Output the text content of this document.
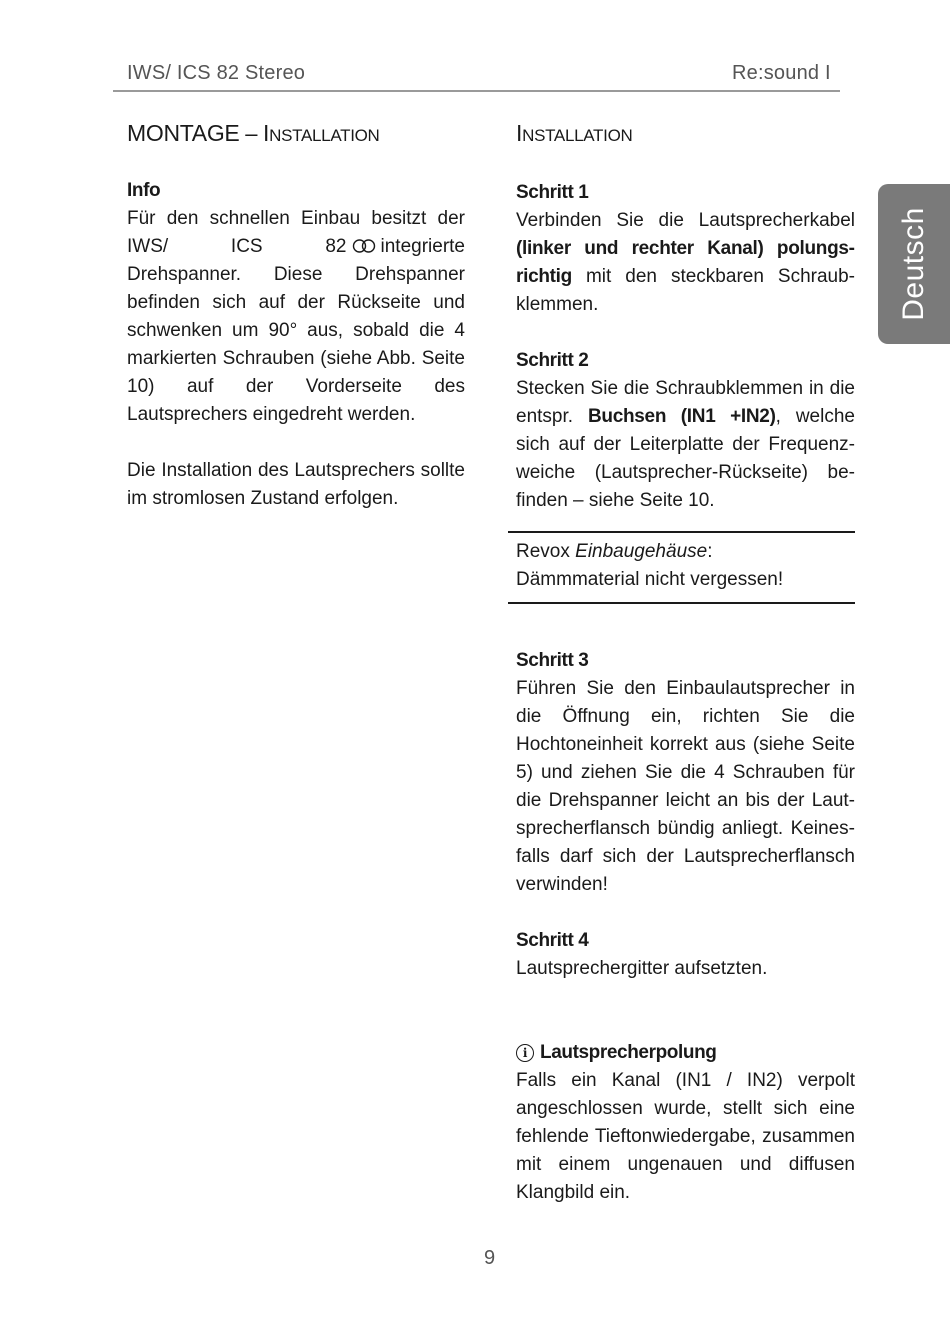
IWS/ ICS 82 Stereo	Re:sound I
MONTAGE – INSTALLATION
Info

Für den schnellen Einbau besitzt der IWS/ ICS 82 integrierte Drehspanner. Diese Drehspanner befinden sich auf der Rückseite und schwenken um 90° aus, sobald die 4 markierten Schrauben (siehe Abb. Seite 10) auf der Vorderseite des Lautsprechers eingedreht werden.

Die Installation des Lautsprechers sollte im stromlosen Zustand erfolgen.

INSTALLATION
Schritt 1

Verbinden Sie die Lautsprecherkabel (linker und rechter Kanal) polungsrichtig mit den steckbaren Schraubklemmen.

Schritt 2

Stecken Sie die Schraubklemmen in die entspr. Buchsen (IN1 +IN2), welche sich auf der Leiterplatte der Frequenzweiche (Lautsprecher-Rückseite) befinden – siehe Seite 10.

Revox Einbaugehäuse:
Dämmmaterial nicht vergessen!
Schritt 3

Führen Sie den Einbaulautsprecher in die Öffnung ein, richten Sie die Hochtoneinheit korrekt aus (siehe Seite 5) und ziehen Sie die 4 Schrauben für die Drehspanner leicht an bis der Lautsprecherflansch bündig anliegt. Keinesfalls darf sich der Lautsprecherflansch verwinden!

Schritt 4

Lautsprechergitter aufsetzten.

i Lautsprecherpolung

Falls ein Kanal (IN1 / IN2) verpolt angeschlossen wurde, stellt sich eine fehlende Tieftonwiedergabe, zusammen mit einem ungenauen und diffusen Klangbild ein.

Deutsch
9
